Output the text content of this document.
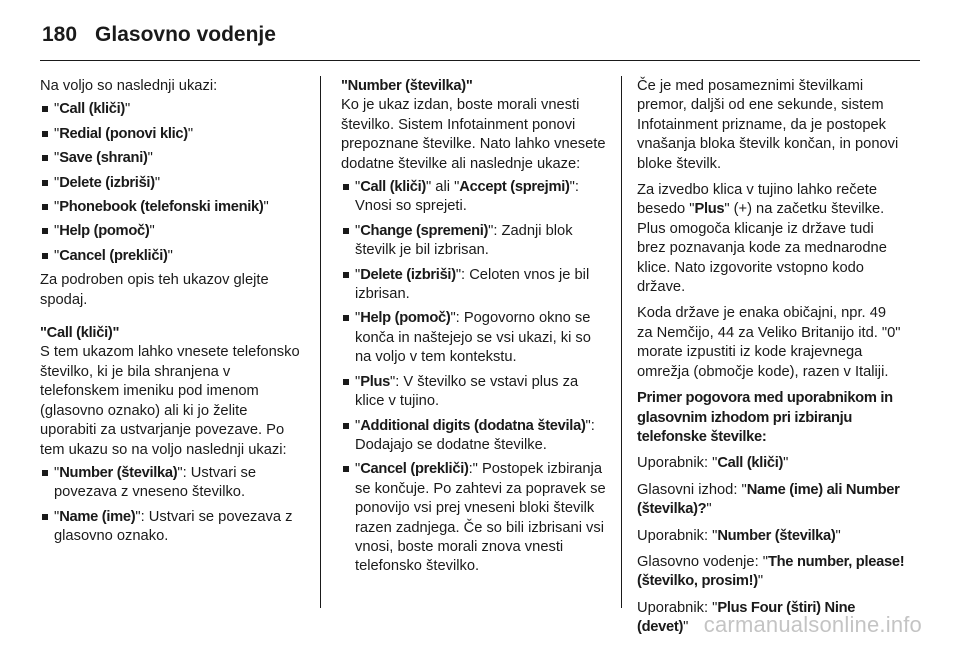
180 Glasovno vodenje

Na voljo so naslednji ukazi:

"Call (kliči)"
"Redial (ponovi klic)"
"Save (shrani)"
"Delete (izbriši)"
"Phonebook (telefonski imenik)"
"Help (pomoč)"
"Cancel (prekliči)"

Za podroben opis teh ukazov glejte spodaj.

"Call (kliči)"

S tem ukazom lahko vnesete telefonsko številko, ki je bila shranjena v telefonskem imeniku pod imenom (glasovno oznako) ali ki jo želite uporabiti za ustvarjanje povezave. Po tem ukazu so na voljo naslednji ukazi:

"Number (številka)": Ustvari se povezava z vneseno številko.
"Name (ime)": Ustvari se povezava z glasovno oznako.

"Number (številka)"

Ko je ukaz izdan, boste morali vnesti številko. Sistem Infotainment ponovi prepoznane številke. Nato lahko vnesete dodatne številke ali naslednje ukaze:

"Call (kliči)" ali "Accept (sprejmi)": Vnosi so sprejeti.
"Change (spremeni)": Zadnji blok številk je bil izbrisan.
"Delete (izbriši)": Celoten vnos je bil izbrisan.
"Help (pomoč)": Pogovorno okno se konča in naštejejo se vsi ukazi, ki so na voljo v tem kontekstu.
"Plus": V številko se vstavi plus za klice v tujino.
"Additional digits (dodatna števila)": Dodajajo se dodatne številke.
"Cancel (prekliči):" Postopek izbiranja se končuje. Po zahtevi za popravek se ponovijo vsi prej vneseni bloki številk razen zadnjega. Če so bili izbrisani vsi vnosi, boste morali znova vnesti telefonsko številko.

Če je med posameznimi številkami premor, daljši od ene sekunde, sistem Infotainment prizname, da je postopek vnašanja bloka številk končan, in ponovi bloke številk.

Za izvedbo klica v tujino lahko rečete besedo "Plus" (+) na začetku številke. Plus omogoča klicanje iz države tudi brez poznavanja kode za mednarodne klice. Nato izgovorite vstopno kodo države.

Koda države je enaka običajni, npr. 49 za Nemčijo, 44 za Veliko Britanijo itd. "0" morate izpustiti iz kode krajevnega omrežja (območje kode), razen v Italiji.

Primer pogovora med uporabnikom in glasovnim izhodom pri izbiranju telefonske številke:

Uporabnik: "Call (kliči)"

Glasovni izhod: "Name (ime) ali Number (številka)?"

Uporabnik: "Number (številka)"

Glasovno vodenje: "The number, please! (številko, prosim!)"

Uporabnik: "Plus Four (štiri) Nine (devet)" carmanualsonline.info
